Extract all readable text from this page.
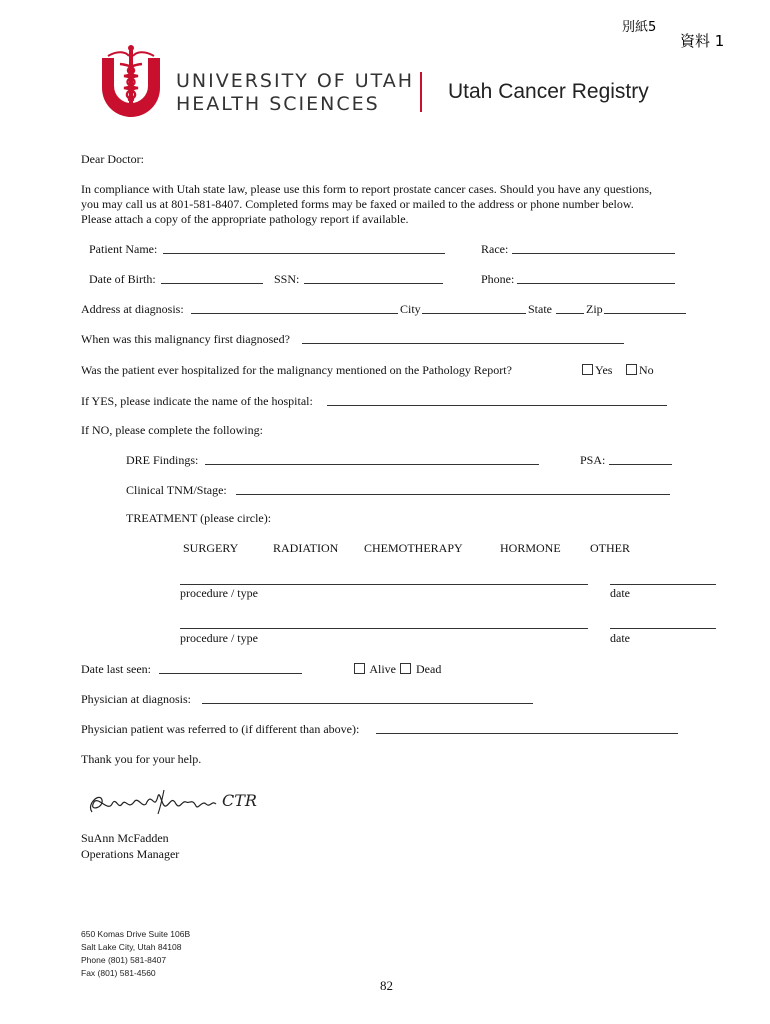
別紙5
資料 1
UNIVERSITY OF UTAH
HEALTH SCIENCES
Utah Cancer Registry
Dear Doctor:
In compliance with Utah state law, please use this form to report prostate cancer cases. Should you have any questions,
you may call us at 801-581-8407. Completed forms may be faxed or mailed to the address or phone number below.
Please attach a copy of the appropriate pathology report if available.
Patient Name:	Race:
Date of Birth:	SSN:	Phone:
Address at diagnosis:	City	State	Zip
When was this malignancy first diagnosed?
Was the patient ever hospitalized for the malignancy mentioned on the Pathology Report?	Yes	No
If YES, please indicate the name of the hospital:
If NO, please complete the following:
DRE Findings:	PSA:
Clinical TNM/Stage:
TREATMENT (please circle):
SURGERY	RADIATION CHEMOTHERAPY	HORMONE OTHER
procedure / type	date
procedure / type	date
Date last seen:	Alive	Dead
Physician at diagnosis:
Physician patient was referred to (if different than above):
Thank you for your help.
CTR
SuAnn McFadden
Operations Manager
650 Komas Drive Suite 106B
Salt Lake City, Utah 84108
Phone (801) 581-8407
Fax (801) 581-4560
82
